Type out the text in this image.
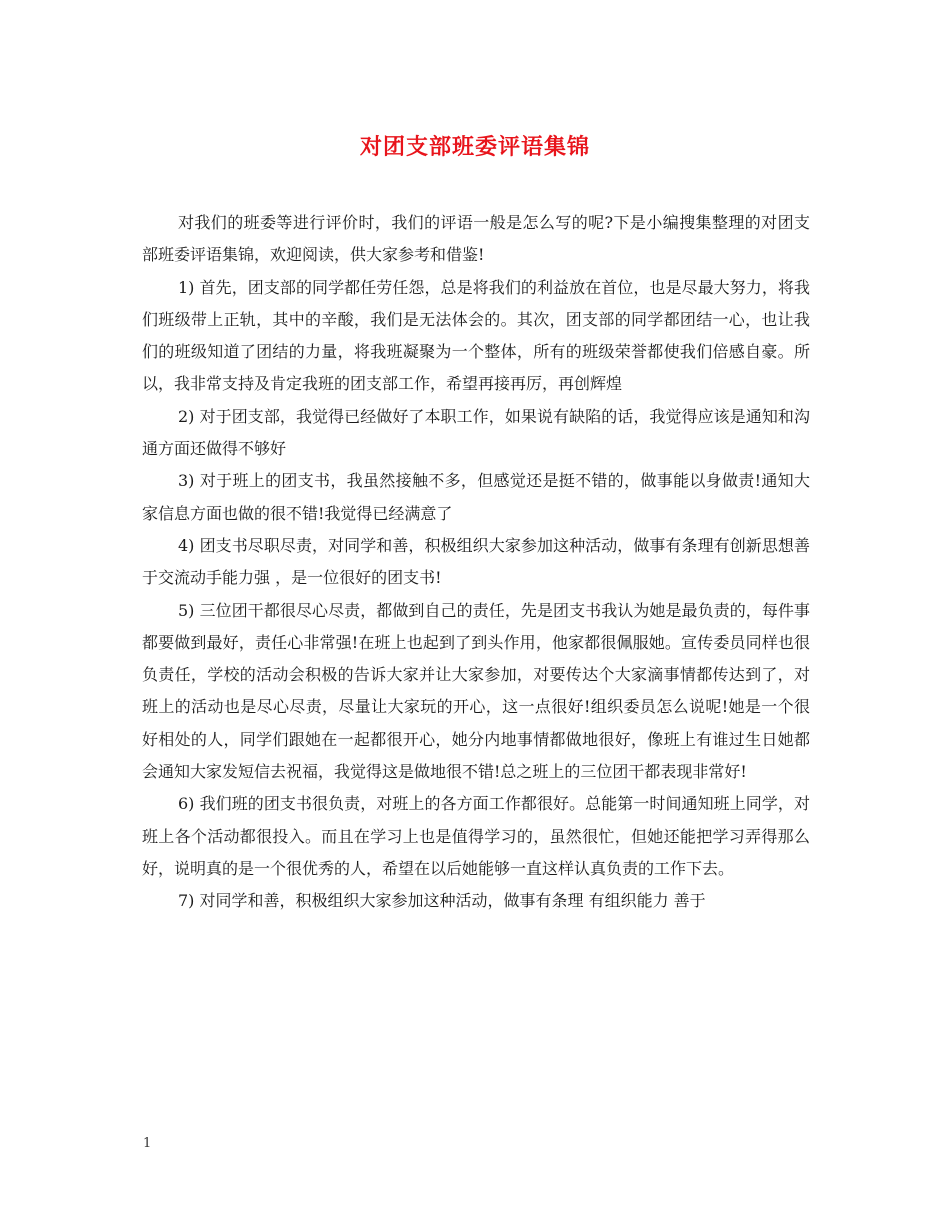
对团支部班委评语集锦

对我们的班委等进行评价时，我们的评语一般是怎么写的呢?下是小编搜集整理的对团支部班委评语集锦，欢迎阅读，供大家参考和借鉴!

1) 首先，团支部的同学都任劳任怨，总是将我们的利益放在首位，也是尽最大努力，将我们班级带上正轨，其中的辛酸，我们是无法体会的。其次，团支部的同学都团结一心，也让我们的班级知道了团结的力量，将我班凝聚为一个整体，所有的班级荣誉都使我们倍感自豪。所以，我非常支持及肯定我班的团支部工作，希望再接再厉，再创辉煌

2) 对于团支部，我觉得已经做好了本职工作，如果说有缺陷的话，我觉得应该是通知和沟通方面还做得不够好

3) 对于班上的团支书，我虽然接触不多，但感觉还是挺不错的，做事能以身做责!通知大家信息方面也做的很不错!我觉得已经满意了

4) 团支书尽职尽责，对同学和善，积极组织大家参加这种活动，做事有条理有创新思想善于交流动手能力强 ，是一位很好的团支书!

5) 三位团干都很尽心尽责，都做到自己的责任，先是团支书我认为她是最负责的，每件事都要做到最好，责任心非常强!在班上也起到了到头作用，他家都很佩服她。宣传委员同样也很负责任，学校的活动会积极的告诉大家并让大家参加，对要传达个大家滴事情都传达到了，对班上的活动也是尽心尽责，尽量让大家玩的开心，这一点很好!组织委员怎么说呢!她是一个很好相处的人，同学们跟她在一起都很开心，她分内地事情都做地很好，像班上有谁过生日她都会通知大家发短信去祝福，我觉得这是做地很不错!总之班上的三位团干都表现非常好!

6) 我们班的团支书很负责，对班上的各方面工作都很好。总能第一时间通知班上同学，对班上各个活动都很投入。而且在学习上也是值得学习的，虽然很忙，但她还能把学习弄得那么好，说明真的是一个很优秀的人，希望在以后她能够一直这样认真负责的工作下去。

7) 对同学和善，积极组织大家参加这种活动，做事有条理 有组织能力 善于

1
